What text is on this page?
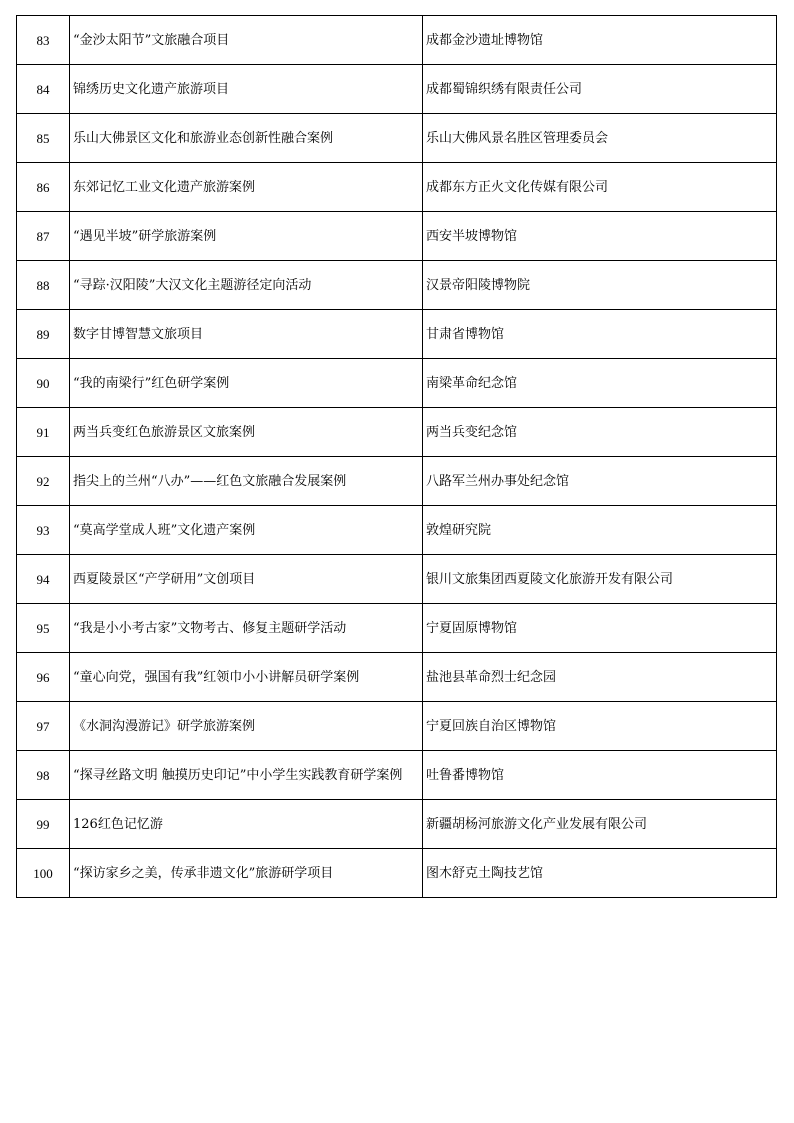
83	“金沙太阳节”文旅融合项目	成都金沙遗址博物馆
84	锦绣历史文化遗产旅游项目	成都蜀锦织绣有限责任公司
85	乐山大佛景区文化和旅游业态创新性融合案例	乐山大佛风景名胜区管理委员会
86	东郊记忆工业文化遗产旅游案例	成都东方正火文化传媒有限公司
87	“遇见半坡”研学旅游案例	西安半坡博物馆
88	“寻踪·汉阳陵”大汉文化主题游径定向活动	汉景帝阳陵博物院
89	数字甘博智慧文旅项目	甘肃省博物馆
90	“我的南梁行”红色研学案例	南梁革命纪念馆
91	两当兵变红色旅游景区文旅案例	两当兵变纪念馆
92	指尖上的兰州“八办”——红色文旅融合发展案例	八路军兰州办事处纪念馆
93	“莫高学堂成人班”文化遗产案例	敦煌研究院
94	西夏陵景区“产学研用”文创项目	银川文旅集团西夏陵文化旅游开发有限公司
95	“我是小小考古家”文物考古、修复主题研学活动	宁夏固原博物馆
96	“童心向党，强国有我”红领巾小小讲解员研学案例	盐池县革命烈士纪念园
97	《水洞沟漫游记》研学旅游案例	宁夏回族自治区博物馆
98	“探寻丝路文明 触摸历史印记”中小学生实践教育研学案例	吐鲁番博物馆
99	126红色记忆游	新疆胡杨河旅游文化产业发展有限公司
100	“探访家乡之美，传承非遗文化”旅游研学项目	图木舒克土陶技艺馆
